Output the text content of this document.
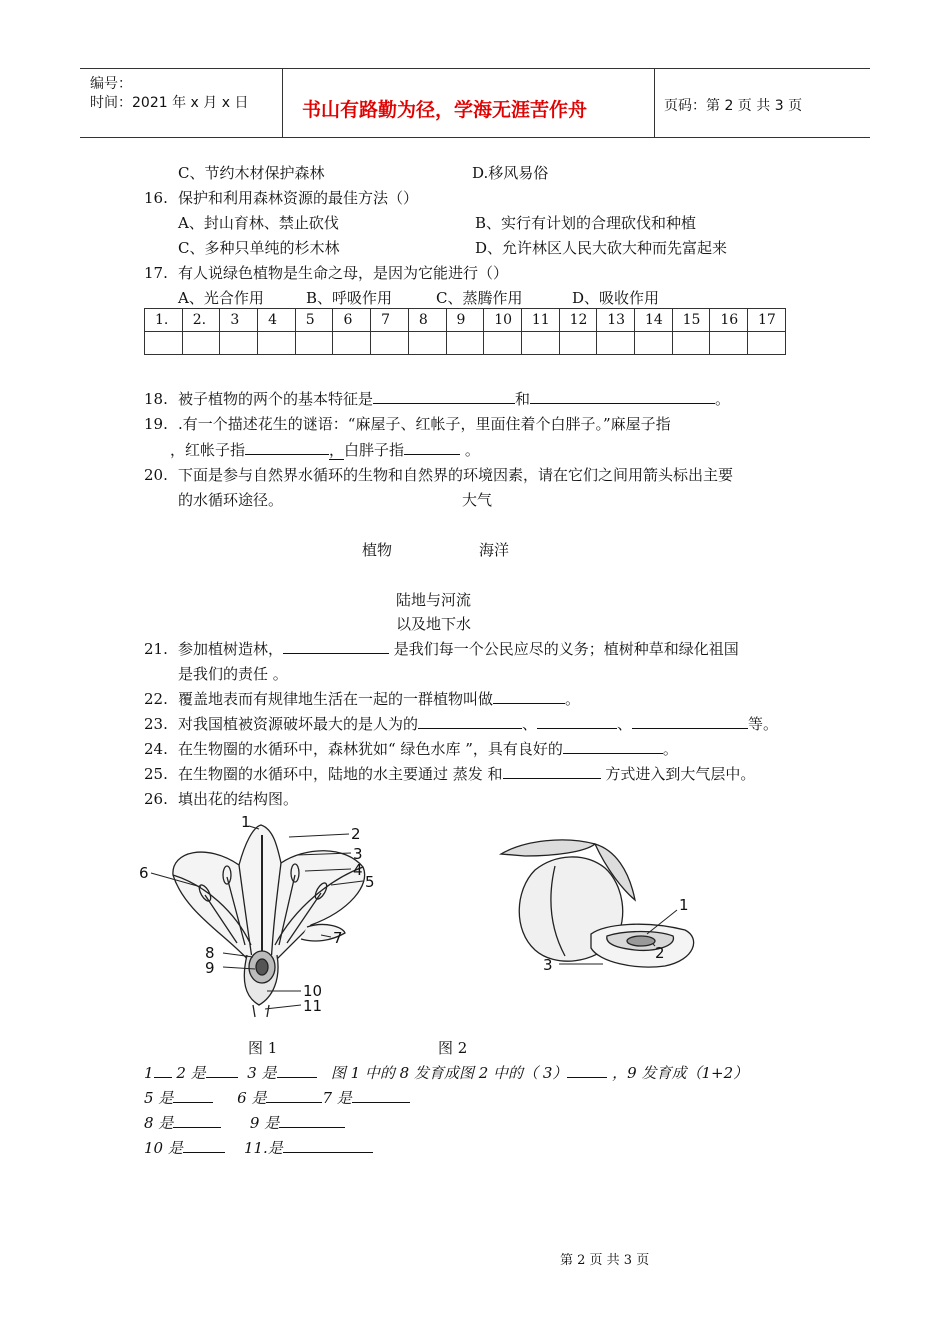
编号：
时间：2021 年 x 月 x 日	书山有路勤为径，学海无涯苦作舟	页码：第 2 页 共 3 页
C、节约木材保护森林	D.移风易俗
16. 保护和利用森林资源的最佳方法（）
A、封山育林、禁止砍伐	B、实行有计划的合理砍伐和种植
C、多种只单纯的杉木林	D、允许林区人民大砍大种而先富起来
17. 有人说绿色植物是生命之母，是因为它能进行（）
A、光合作用	B、呼吸作用	C、蒸腾作用	D、吸收作用
1.	2.	3	4	5	6	7	8	9	10	11	12	13	14	15	16	17

18. 被子植物的两个的基本特征是	和	。
19. .有一个描述花生的谜语：“麻屋子、红帐子，里面住着个白胖子。”麻屋子指
，红帐子指	，白胖子指	。
20. 下面是参与自然界水循环的生物和自然界的环境因素，请在它们之间用箭头标出主要
的水循环途径。	大气
植物	海洋
陆地与河流
以及地下水
21. 参加植树造林，	是我们每一个公民应尽的义务；植树种草和绿化祖国
是我们的责任 。
22. 覆盖地表而有规律地生活在一起的一群植物叫做	。
23. 对我国植被资源破坏最大的是人为的	、	、	等。
24. 在生物圈的水循环中，森林犹如“ 绿色水库 ”，具有良好的	。
25. 在生物圈的水循环中，陆地的水主要通过 蒸发 和	方式进入到大气层中。
26. 填出花的结构图。
1
2
3
4
5
6
7
8
9
10
11
1
2
3
图 1	图 2
1 2 是	3 是	图 1 中的 8 发育成图 2 中的（ 3）	，9 发育成（1+2）
5 是	6 是	7 是
8 是	9 是
10 是	11.是
第 2 页 共 3 页
